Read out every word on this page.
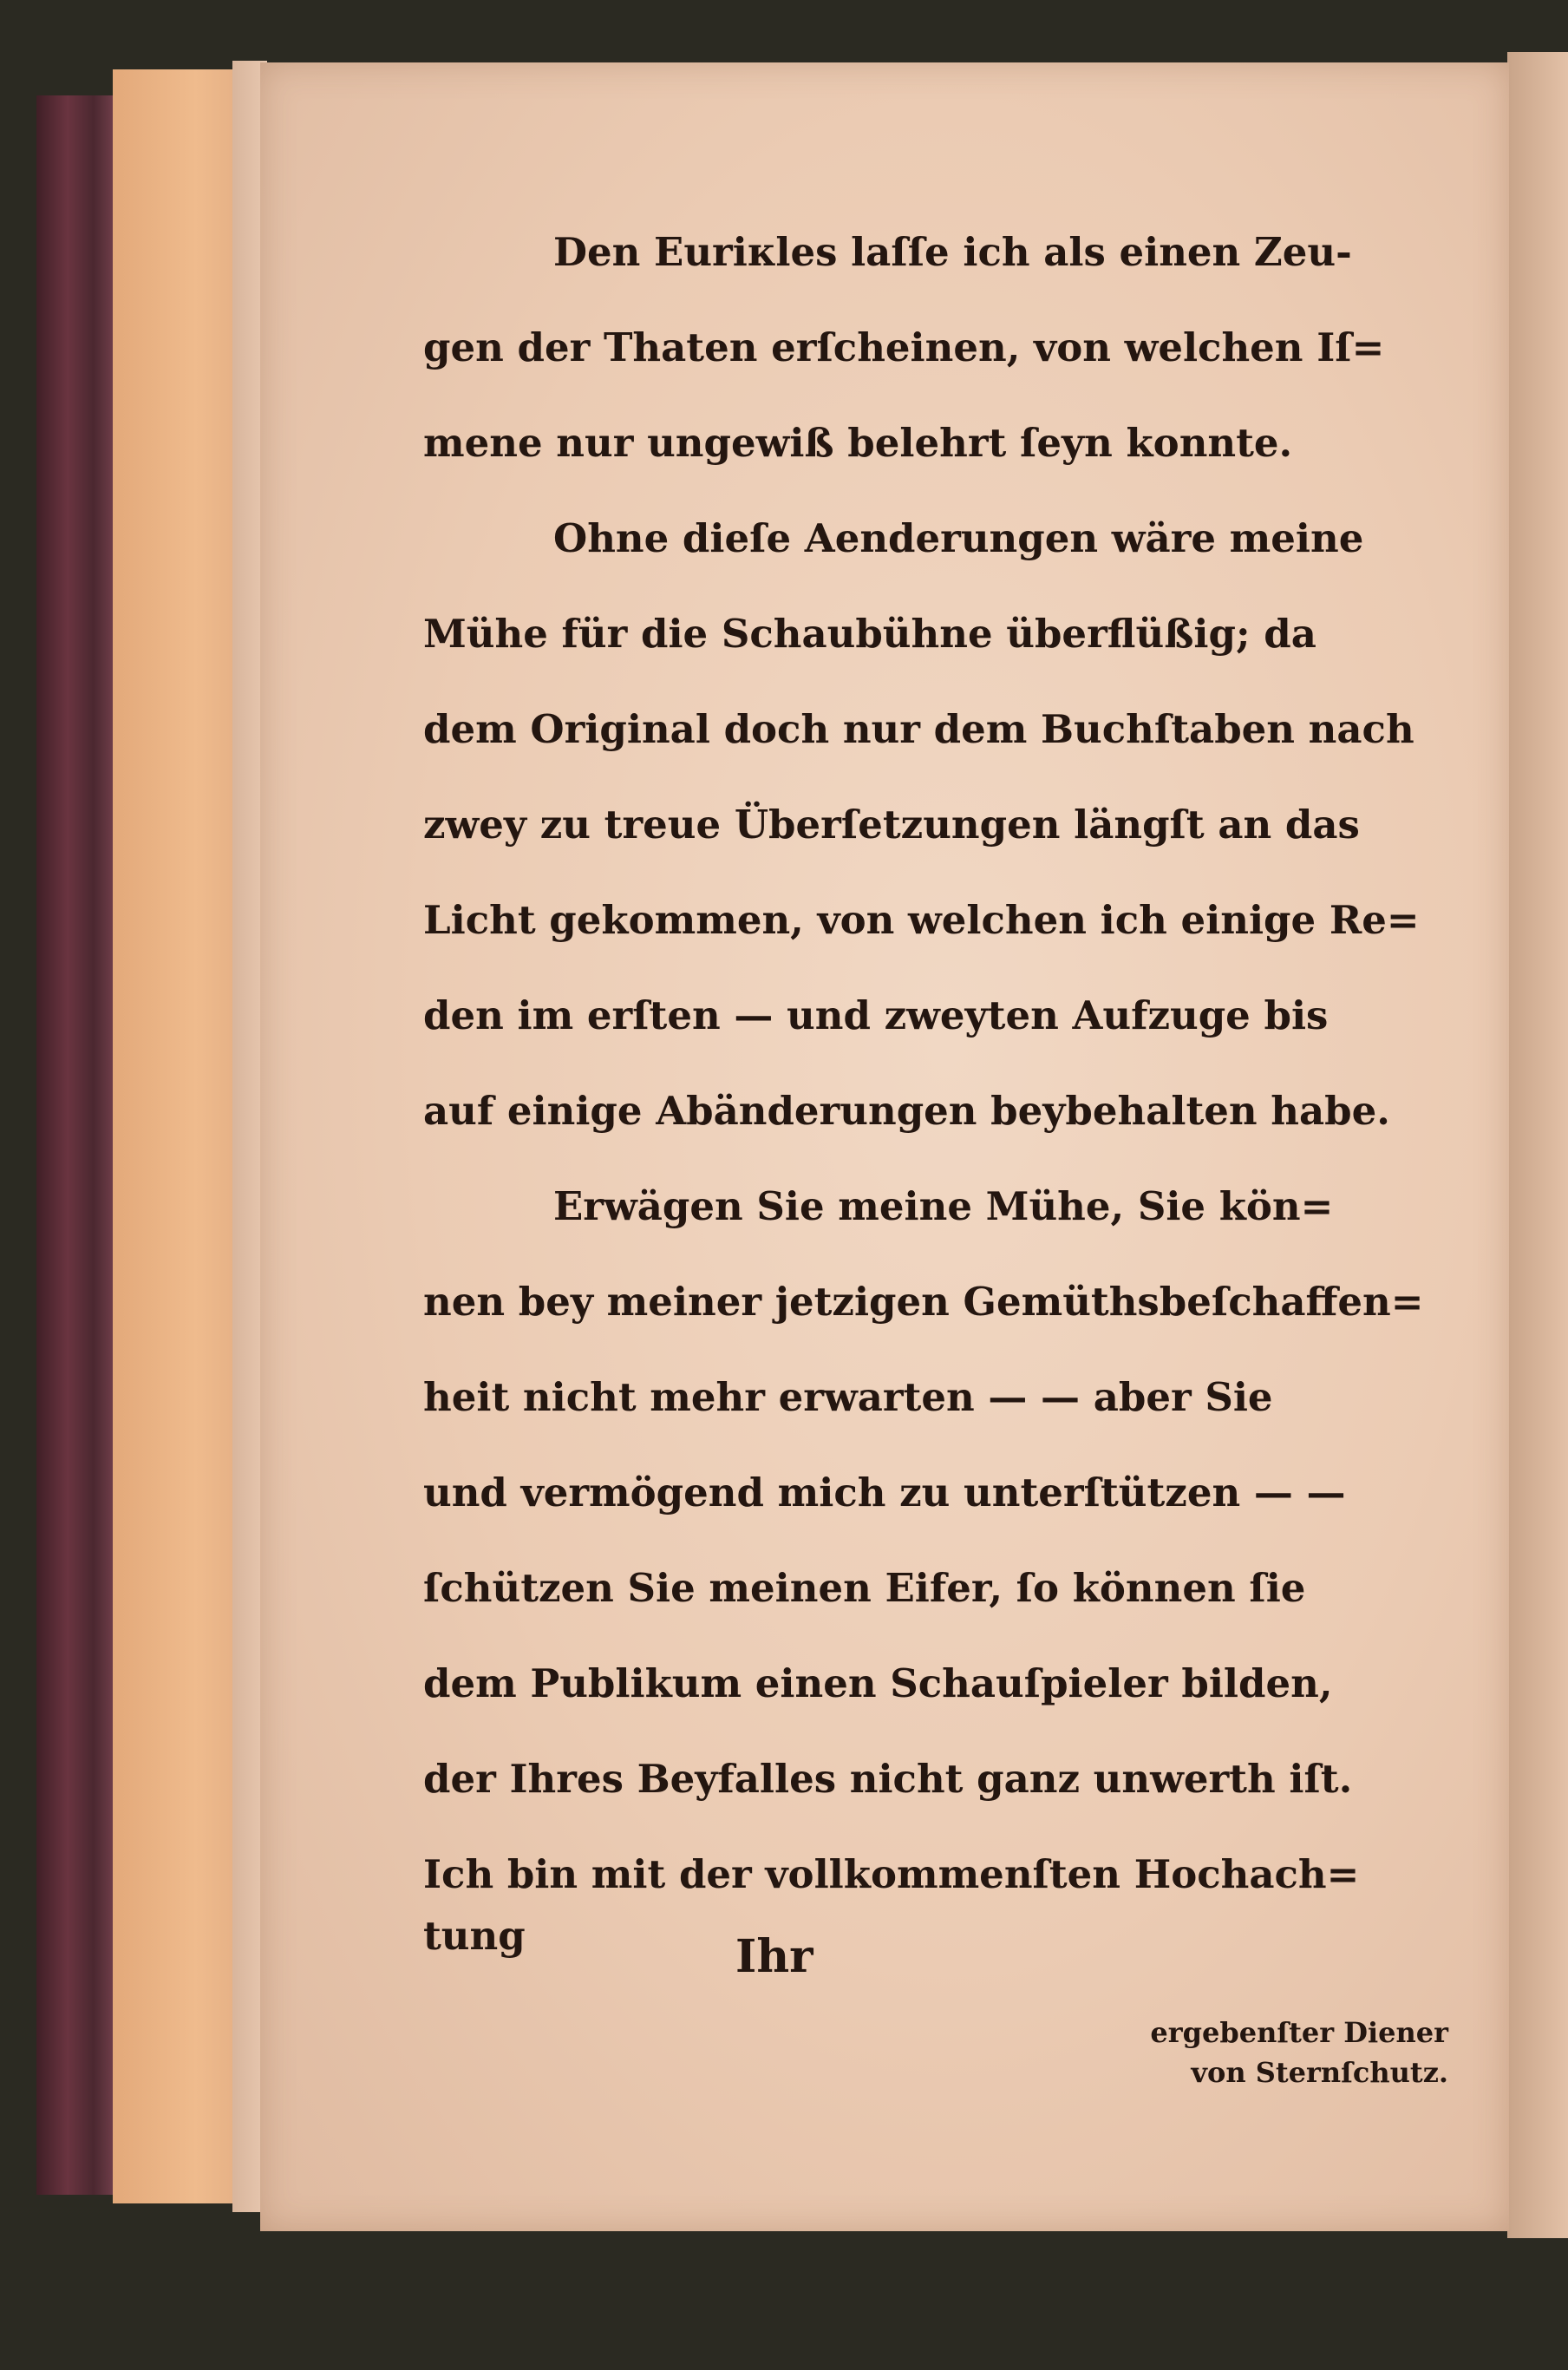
Den Euriкles laſſe ich als einen Zeu-
gen der Thaten erſcheinen, von welchen Iſ=
mene nur ungewiß belehrt ſeyn konnte.
Ohne dieſe Aenderungen wäre meine
Mühe für die Schaubühne überflüßig; da
dem Original doch nur dem Buchſtaben nach
zwey zu treue Überſetzungen längſt an das
Licht gekommen, von welchen ich einige Re=
den im erſten — und zweyten Aufzuge bis
auf einige Abänderungen beybehalten habe.
Erwägen Sie meine Mühe, Sie kön=
nen bey meiner jetzigen Gemüthsbeſchaffen=
heit nicht mehr erwarten — — aber Sie
und vermögend mich zu unterſtützen — —
ſchützen Sie meinen Eifer, ſo können ſie
dem Publikum einen Schauſpieler bilden,
der Ihres Beyfalles nicht ganz unwerth iſt.
Ich bin mit der vollkommenſten Hochach=
tung	Ihr
ergebenſter Diener
von Sternſchutz.
